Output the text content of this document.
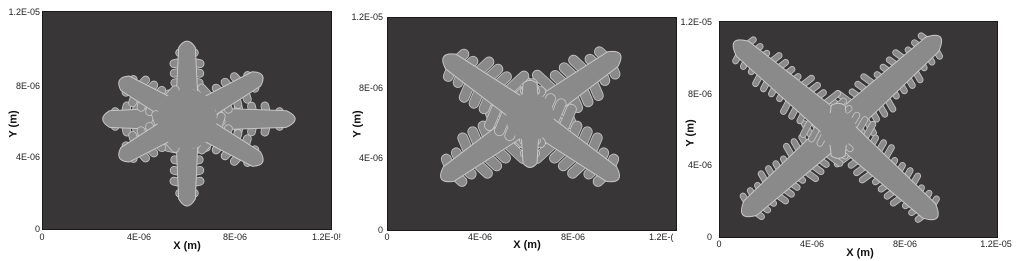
1.2E-05
8E-06
4E-06
0
Y (m)
0	4E-06	8E-06	1.2E-0!
X (m)
1.2E-05
8E-06
4E-06
0
Y (m)
0	4E-06	8E-06	1.2E-(
X (m)
1.2E-05
8E-06
4E-06
0
Y (m)
0	4E-06	8E-06	1.2E-05
X (m)
